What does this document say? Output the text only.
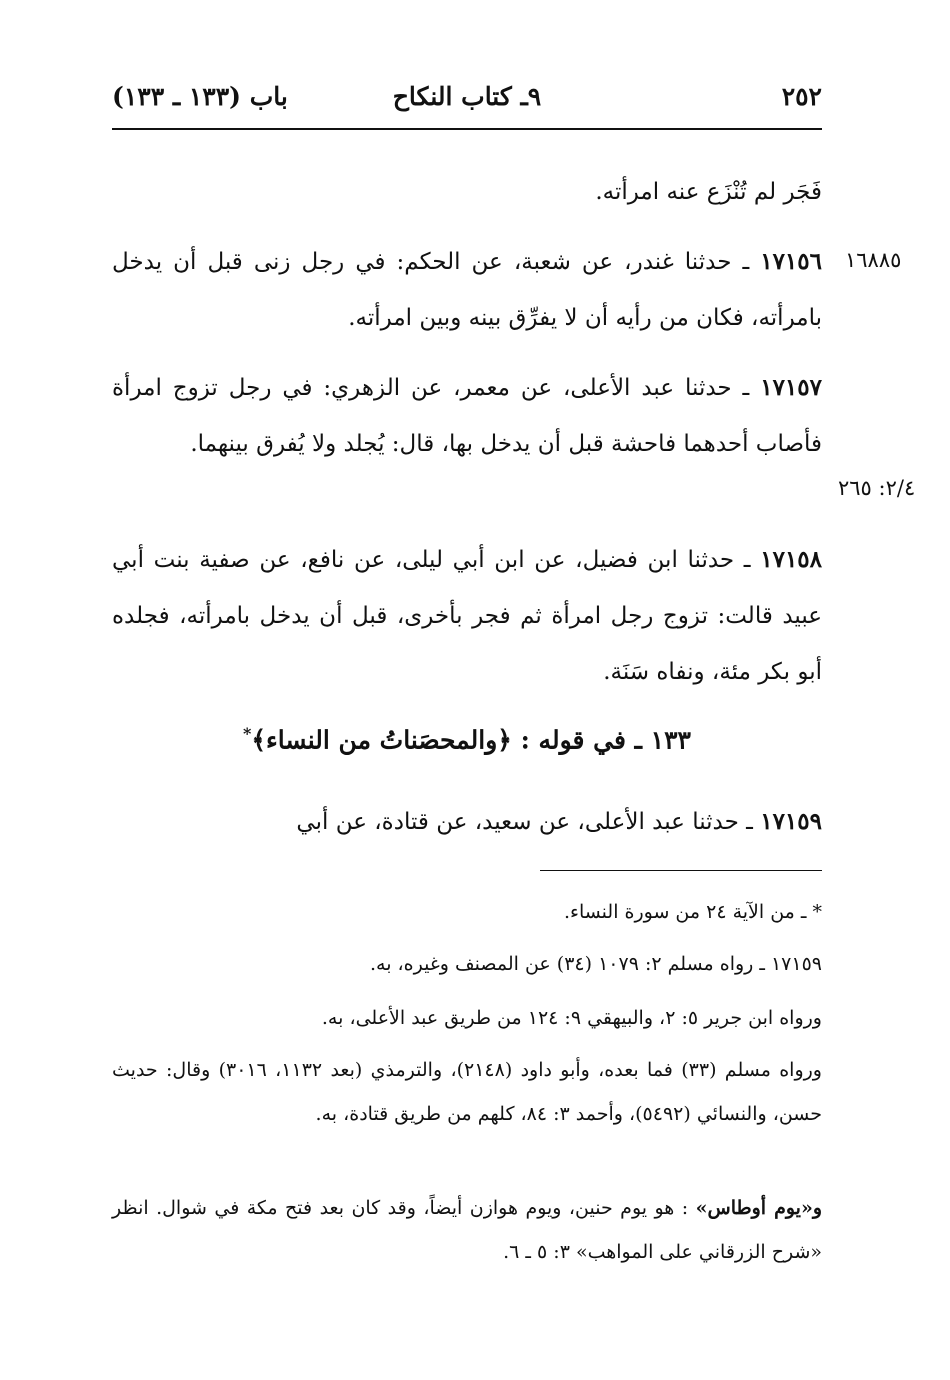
٢٥٢
٩ـ كتاب النكاح
باب (١٣٣ ـ ١٣٣)
فَجَر لم تُنْزَع عنه امرأته.
١٧١٥٦ ـ حدثنا غندر، عن شعبة، عن الحكم: في رجل زنى قبل أن يدخل بامرأته، فكان من رأيه أن لا يفرِّق بينه وبين امرأته.
١٦٨٨٥
١٧١٥٧ ـ حدثنا عبد الأعلى، عن معمر، عن الزهري: في رجل تزوج امرأة فأصاب أحدهما فاحشة قبل أن يدخل بها، قال: يُجلد ولا يُفرق بينهما.
٢/٤: ٢٦٥
١٧١٥٨ ـ حدثنا ابن فضيل، عن ابن أبي ليلى، عن نافع، عن صفية بنت أبي عبيد قالت: تزوج رجل امرأة ثم فجر بأخرى، قبل أن يدخل بامرأته، فجلده أبو بكر مئة، ونفاه سَنَة.
١٣٣ ـ في قوله : ﴿والمحصَناتُ من النساء﴾*
١٧١٥٩ ـ حدثنا عبد الأعلى، عن سعيد، عن قتادة، عن أبي
* ـ من الآية ٢٤ من سورة النساء.
١٧١٥٩ ـ رواه مسلم ٢: ١٠٧٩ (٣٤) عن المصنف وغيره، به.
ورواه ابن جرير ٥: ٢، والبيهقي ٩: ١٢٤ من طريق عبد الأعلى، به.
ورواه مسلم (٣٣) فما بعده، وأبو داود (٢١٤٨)، والترمذي (بعد ١١٣٢، ٣٠١٦) وقال: حديث حسن، والنسائي (٥٤٩٢)، وأحمد ٣: ٨٤، كلهم من طريق قتادة، به.
و«يوم أوطاس» : هو يوم حنين، ويوم هوازن أيضاً، وقد كان بعد فتح مكة في شوال. انظر «شرح الزرقاني على المواهب» ٣: ٥ ـ ٦.
